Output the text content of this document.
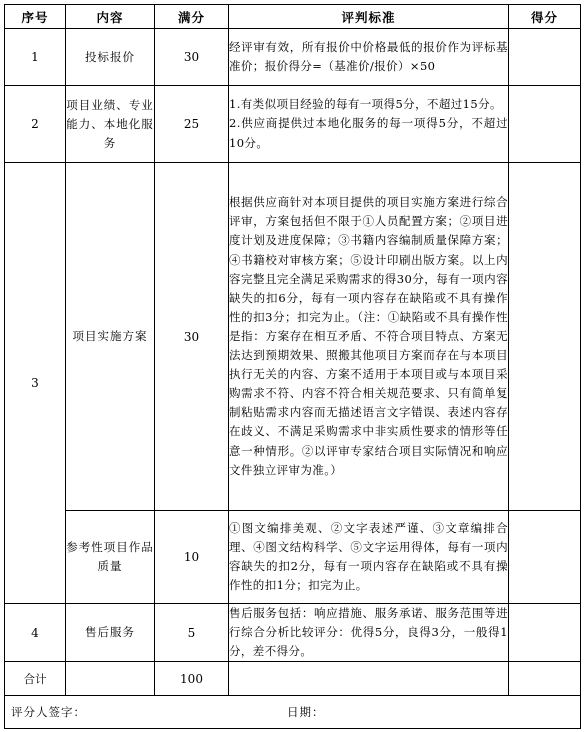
序号	内容	满分	评判标准	得分
1	投标报价	30	经评审有效，所有报价中价格最低的报价作为评标基准价；报价得分=（基准价/报价）×50	
2	项目业绩、专业能力、本地化服务	25	1.有类似项目经验的每有一项得5分，不超过15分。
2.供应商提供过本地化服务的每一项得5分，不超过10分。	

3	项目实施方案	30	根据供应商针对本项目提供的项目实施方案进行综合评审，方案包括但不限于①人员配置方案；②项目进度计划及进度保障；③书籍内容编制质量保障方案；④书籍校对审核方案；⑤设计印刷出版方案。以上内容完整且完全满足采购需求的得30分，每有一项内容缺失的扣6分，每有一项内容存在缺陷或不具有操作性的扣3分；扣完为止。（注：①缺陷或不具有操作性是指：方案存在相互矛盾、不符合项目特点、方案无法达到预期效果、照搬其他项目方案而存在与本项目执行无关的内容、方案不适用于本项目或与本项目采购需求不符、内容不符合相关规范要求、只有简单复制粘贴需求内容而无描述语言文字错误、表述内容存在歧义、不满足采购需求中非实质性要求的情形等任意一种情形。②以评审专家结合项目实际情况和响应文件独立评审为准。）	
	参考性项目作品质量	10	①图文编排美观、②文字表述严谨、③文章编排合理、④图文结构科学、⑤文字运用得体，每有一项内容缺失的扣2分，每有一项内容存在缺陷或不具有操作性的扣1分；扣完为止。	
4	售后服务	5	售后服务包括：响应措施、服务承诺、服务范围等进行综合分析比较评分：优得5分，良得3分，一般得1分，差不得分。	
合计		100		

评分人签字： 日期：				
